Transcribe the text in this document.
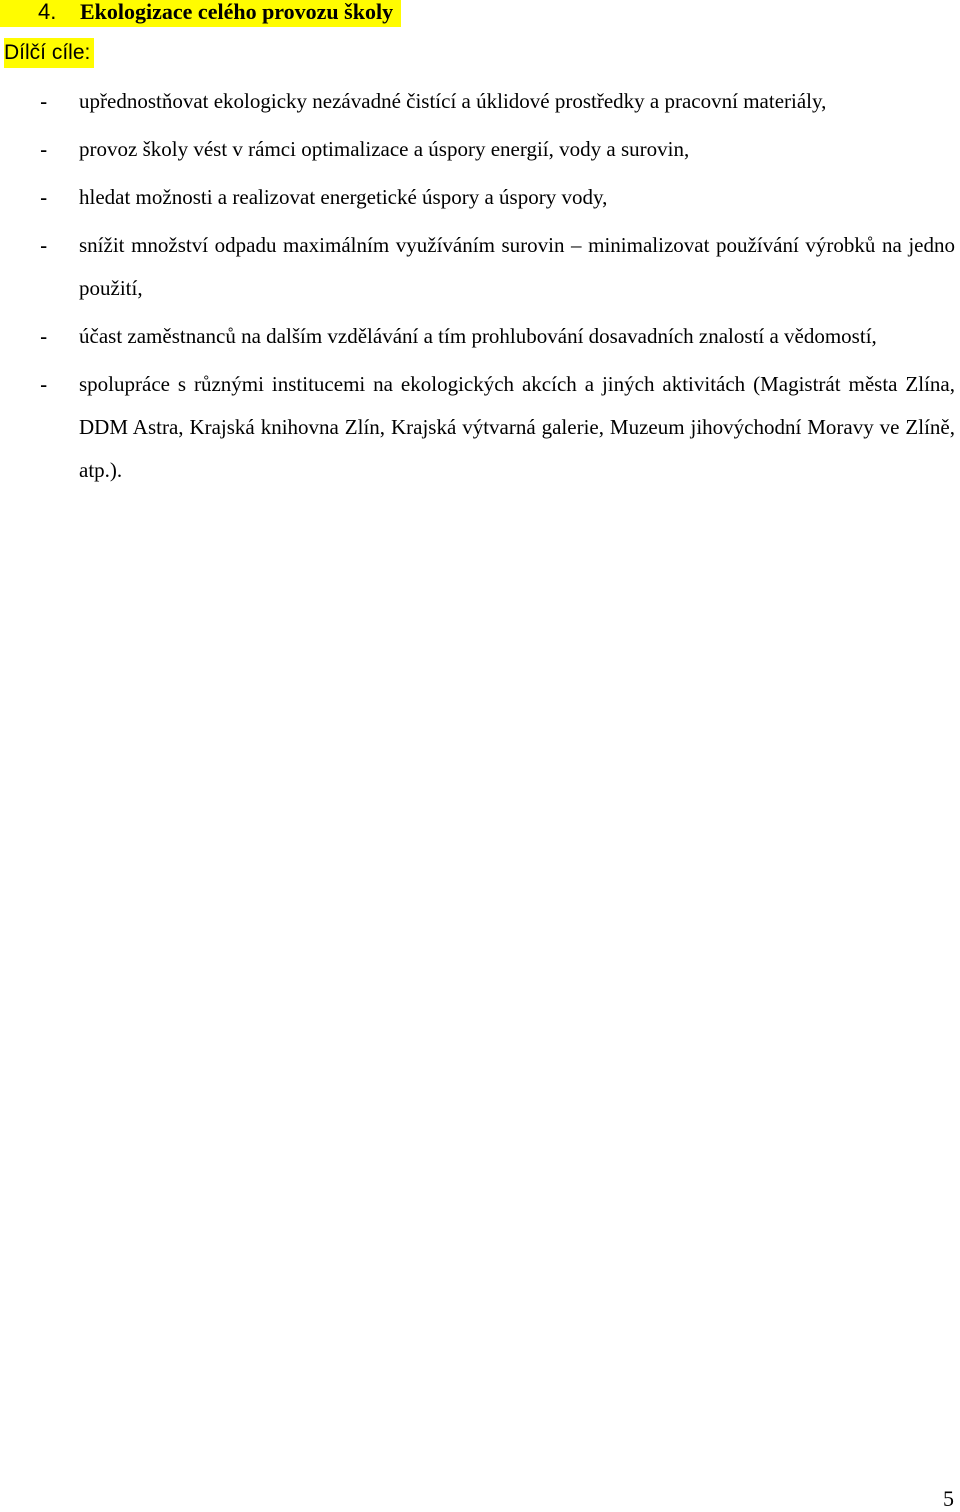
4. Ekologizace celého provozu školy
Dílčí cíle:
- upřednostňovat ekologicky nezávadné čistící a úklidové prostředky a pracovní materiály,
- provoz školy vést v rámci optimalizace a úspory energií, vody a surovin,
- hledat možnosti a realizovat energetické úspory a úspory vody,
- snížit množství odpadu maximálním využíváním surovin – minimalizovat používání výrobků na jedno použití,
- účast zaměstnanců na dalším vzdělávání a tím prohlubování dosavadních znalostí a vědomostí,
- spolupráce s různými institucemi na ekologických akcích a jiných aktivitách (Magistrát města Zlína, DDM Astra, Krajská knihovna Zlín, Krajská výtvarná galerie, Muzeum jihovýchodní Moravy ve Zlíně, atp.).
5
